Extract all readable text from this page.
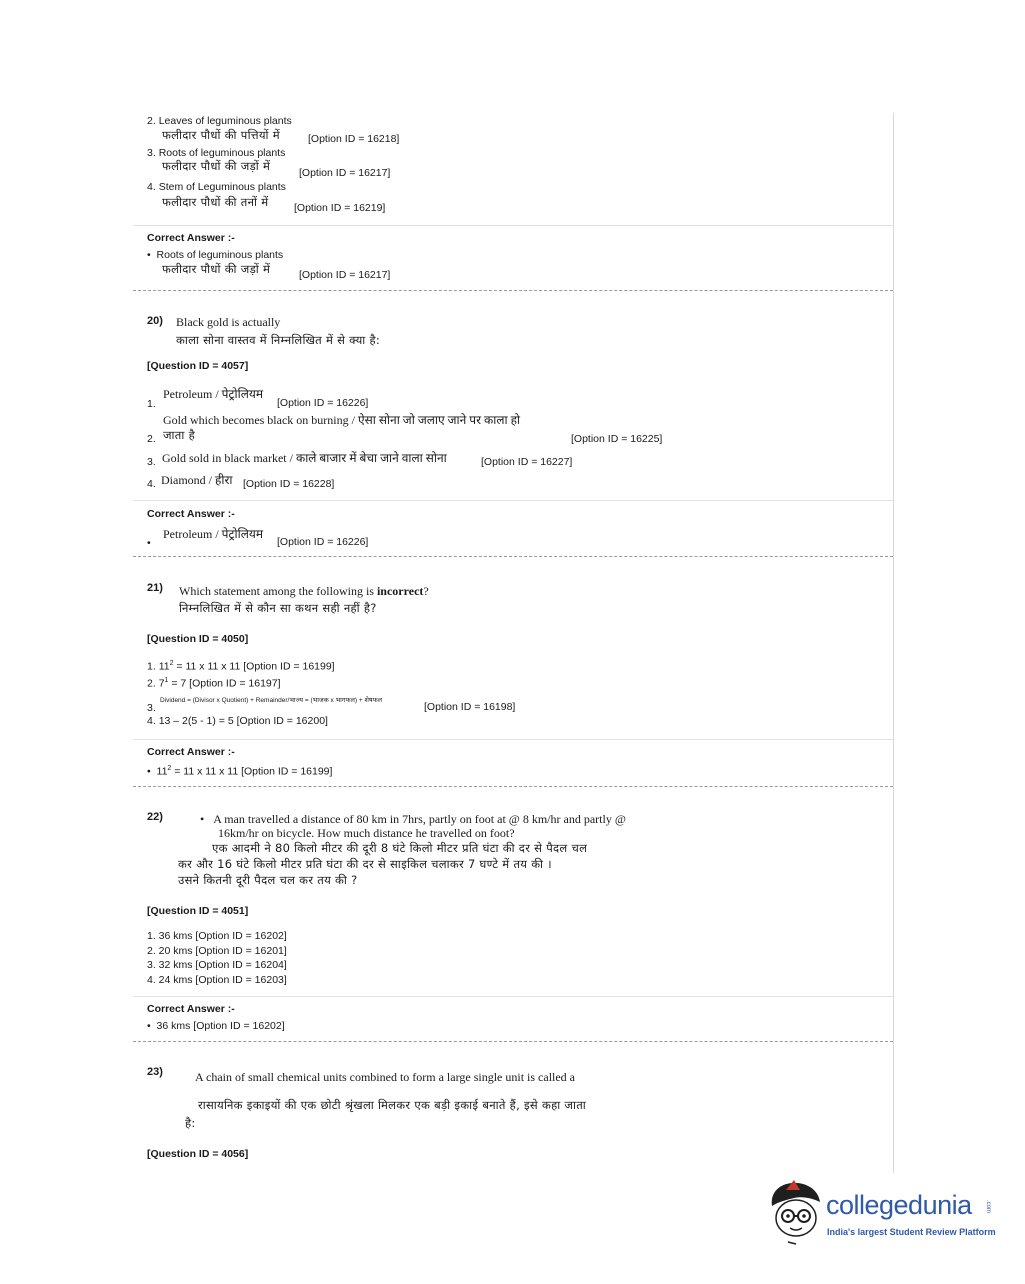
2. Leaves of leguminous plants
फलीदार पौधों की पत्तियों में	[Option ID = 16218]
3. Roots of leguminous plants
फलीदार पौधों की जड़ों में	[Option ID = 16217]
4. Stem of Leguminous plants
फलीदार पौधों की तनों में [Option ID = 16219]
Correct Answer :-
•  Roots of leguminous plants
फलीदार पौधों की जड़ों में	[Option ID = 16217]
20) Black gold is actually
काला सोना वास्तव में निम्नलिखित में से क्या है:
[Question ID = 4057]
Petroleum / पेट्रोलियम
1.	[Option ID = 16226]
Gold which becomes black on burning / ऐसा सोना जो जलाए जाने पर काला हो
जाता है
2.	[Option ID = 16225]
Gold sold in black market / काले बाजार में बेचा जाने वाला सोना
3.	[Option ID = 16227]
Diamond / हीरा
4.	[Option ID = 16228]
Correct Answer :-
Petroleum / पेट्रोलियम
•	[Option ID = 16226]
21) Which statement among the following is incorrect?
निम्नलिखित में से कौन सा कथन सही नहीं है?
[Question ID = 4050]
1. $11^2 = 11$ x 11 x 11 [Option ID = 16199]
2. $7^1 = 7$ [Option ID = 16197]
Dividend = (Divisor x Quotient) + Remainder/भाज्य = (भाजक x भागफल) + शेषफल
3.	[Option ID = 16198]
4. 13 – 2(5 - 1) = 5 [Option ID = 16200]
Correct Answer :-
•  $11^2 = 11$ x 11 x 11 [Option ID = 16199]
22)	•   A man travelled a distance of 80 km in 7hrs, partly on foot at @ 8 km/hr and partly @
16km/hr on bicycle. How much distance he travelled on foot?
एक आदमी ने 80 किलो मीटर की दूरी 8 घंटे किलो मीटर प्रति घंटा की दर से पैदल चल
कर और 16 घंटे किलो मीटर प्रति घंटा की दर से साइकिल चलाकर 7 घण्टे में तय की ।
उसने कितनी दूरी पैदल चल कर तय की ?
[Question ID = 4051]
1. 36 kms [Option ID = 16202]
2. 20 kms [Option ID = 16201]
3. 32 kms [Option ID = 16204]
4. 24 kms [Option ID = 16203]
Correct Answer :-
•  36 kms [Option ID = 16202]
23)	A chain of small chemical units combined to form a large single unit is called a
रासायनिक इकाइयों की एक छोटी श्रृंखला मिलकर एक बड़ी इकाई बनाते हैं, इसे कहा जाता
है:
[Question ID = 4056]
collegedunia .com
India's largest Student Review Platform
